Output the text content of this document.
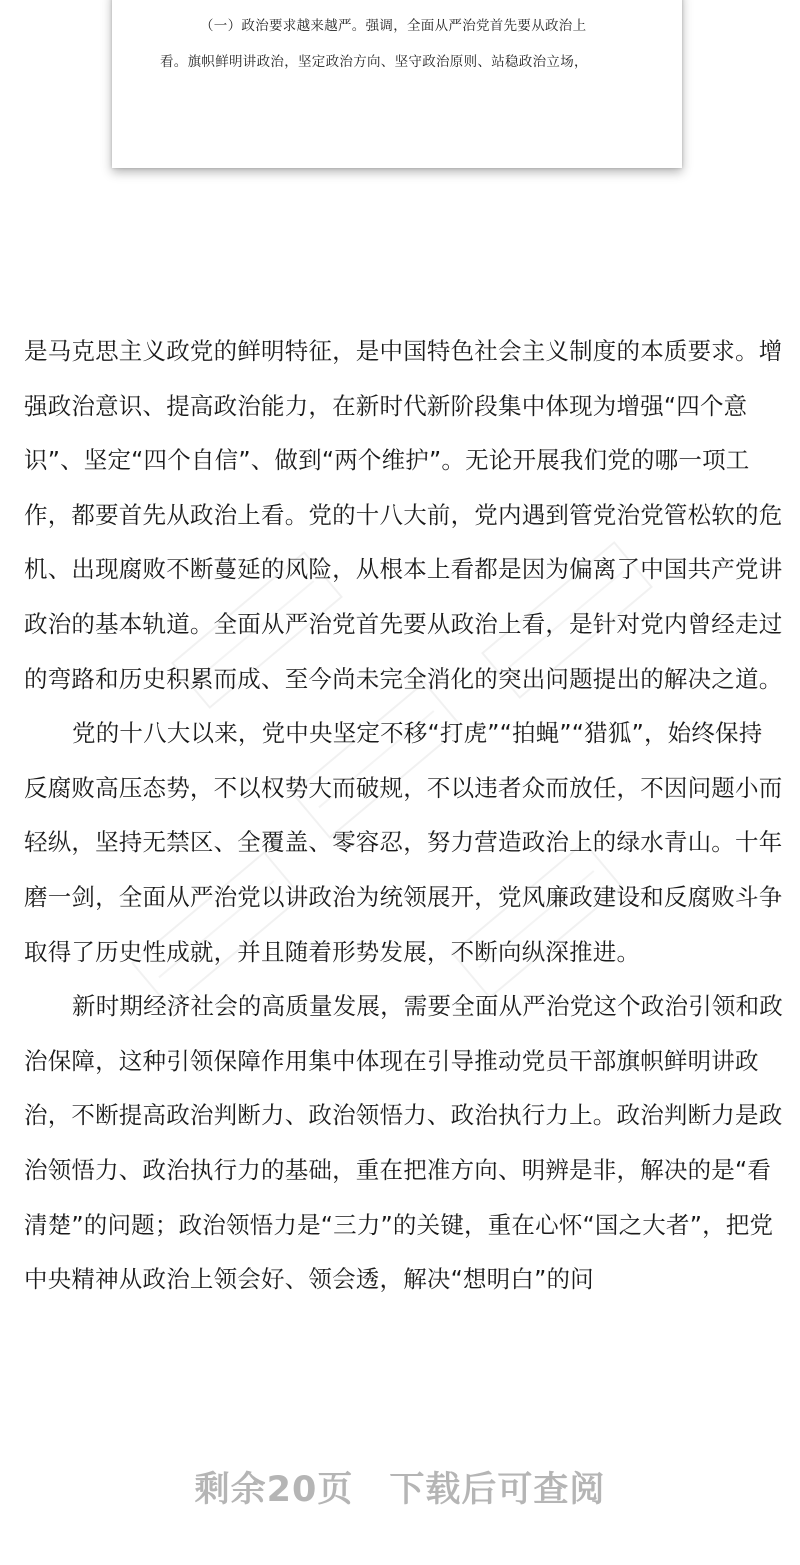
（一）政治要求越来越严。强调，全面从严治党首先要从政治上
看。旗帜鲜明讲政治，坚定政治方向、坚守政治原则、站稳政治立场，

是马克思主义政党的鲜明特征，是中国特色社会主义制度的本质要求。增强政治意识、提高政治能力，在新时代新阶段集中体现为增强“四个意识”、坚定“四个自信”、做到“两个维护”。无论开展我们党的哪一项工作，都要首先从政治上看。党的十八大前，党内遇到管党治党管松软的危机、出现腐败不断蔓延的风险，从根本上看都是因为偏离了中国共产党讲政治的基本轨道。全面从严治党首先要从政治上看，是针对党内曾经走过的弯路和历史积累而成、至今尚未完全消化的突出问题提出的解决之道。

党的十八大以来，党中央坚定不移“打虎”“拍蝇”“猎狐”，始终保持反腐败高压态势，不以权势大而破规，不以违者众而放任，不因问题小而轻纵，坚持无禁区、全覆盖、零容忍，努力营造政治上的绿水青山。十年磨一剑，全面从严治党以讲政治为统领展开，党风廉政建设和反腐败斗争取得了历史性成就，并且随着形势发展，不断向纵深推进。

新时期经济社会的高质量发展，需要全面从严治党这个政治引领和政治保障，这种引领保障作用集中体现在引导推动党员干部旗帜鲜明讲政治，不断提高政治判断力、政治领悟力、政治执行力上。政治判断力是政治领悟力、政治执行力的基础，重在把准方向、明辨是非，解决的是“看清楚”的问题；政治领悟力是“三力”的关键，重在心怀“国之大者”，把党中央精神从政治上领会好、领会透，解决“想明白”的问

剩余20页 下载后可查阅
